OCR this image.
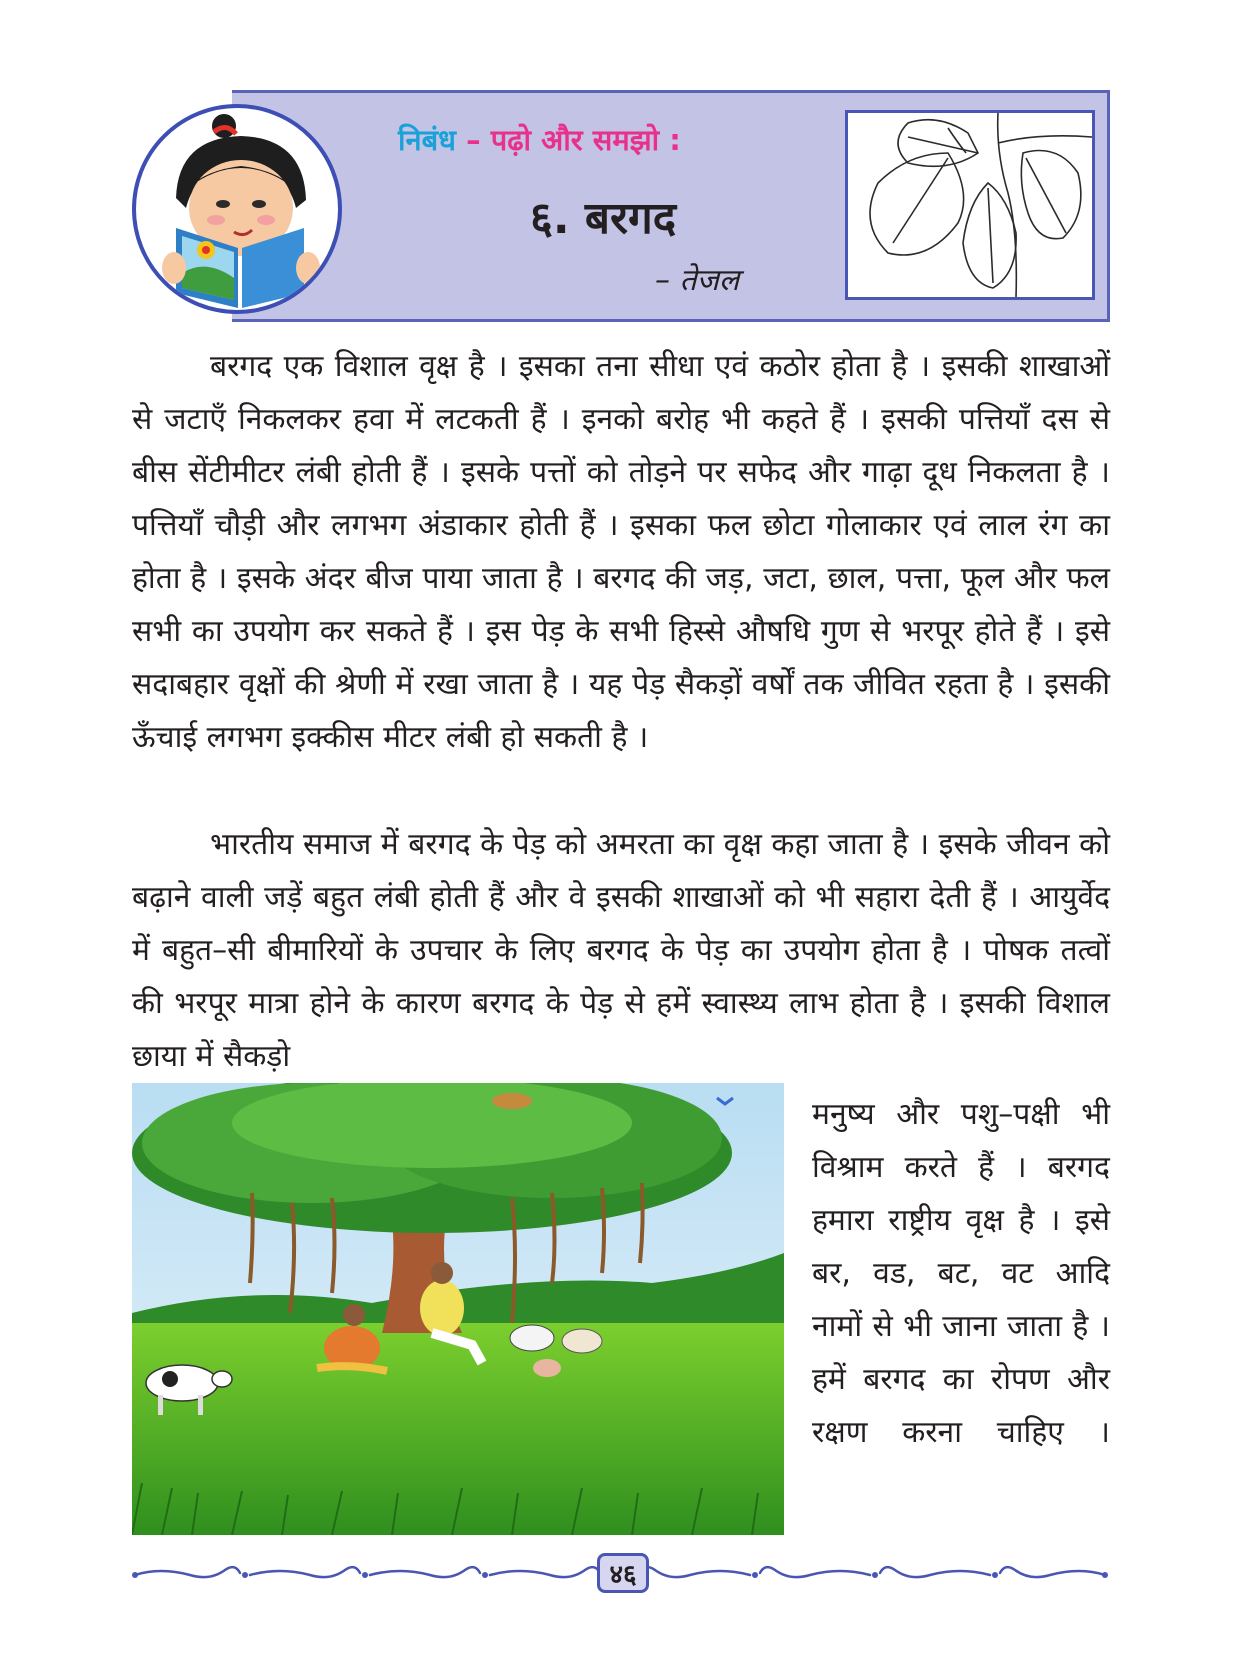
निबंध – पढ़ो और समझो :
६. बरगद
– तेजल
बरगद एक विशाल वृक्ष है । इसका तना सीधा एवं कठोर होता है । इसकी शाखाओं से जटाएँ निकलकर हवा में लटकती हैं । इनको बरोह भी कहते हैं । इसकी पत्तियाँ दस से बीस सेंटीमीटर लंबी होती हैं । इसके पत्तों को तोड़ने पर सफेद और गाढ़ा दूध निकलता है । पत्तियाँ चौड़ी और लगभग अंडाकार होती हैं । इसका फल छोटा गोलाकार एवं लाल रंग का होता है । इसके अंदर बीज पाया जाता है । बरगद की जड़, जटा, छाल, पत्ता, फूल और फल सभी का उपयोग कर सकते हैं । इस पेड़ के सभी हिस्से औषधि गुण से भरपूर होते हैं । इसे सदाबहार वृक्षों की श्रेणी में रखा जाता है । यह पेड़ सैकड़ों वर्षों तक जीवित रहता है । इसकी ऊँचाई लगभग इक्कीस मीटर लंबी हो सकती है ।
भारतीय समाज में बरगद के पेड़ को अमरता का वृक्ष कहा जाता है । इसके जीवन को बढ़ाने वाली जड़ें बहुत लंबी होती हैं और वे इसकी शाखाओं को भी सहारा देती हैं । आयुर्वेद में बहुत–सी बीमारियों के उपचार के लिए बरगद के पेड़ का उपयोग होता है । पोषक तत्वों की भरपूर मात्रा होने के कारण बरगद के पेड़ से हमें स्वास्थ्य लाभ होता है । इसकी विशाल छाया में सैकड़ो
मनुष्य और पशु–पक्षी भी विश्राम करते हैं । बरगद हमारा राष्ट्रीय वृक्ष है । इसे बर, वड, बट, वट आदि नामों से भी जाना जाता है । हमें बरगद का रोपण और रक्षण करना चाहिए ।
४६
